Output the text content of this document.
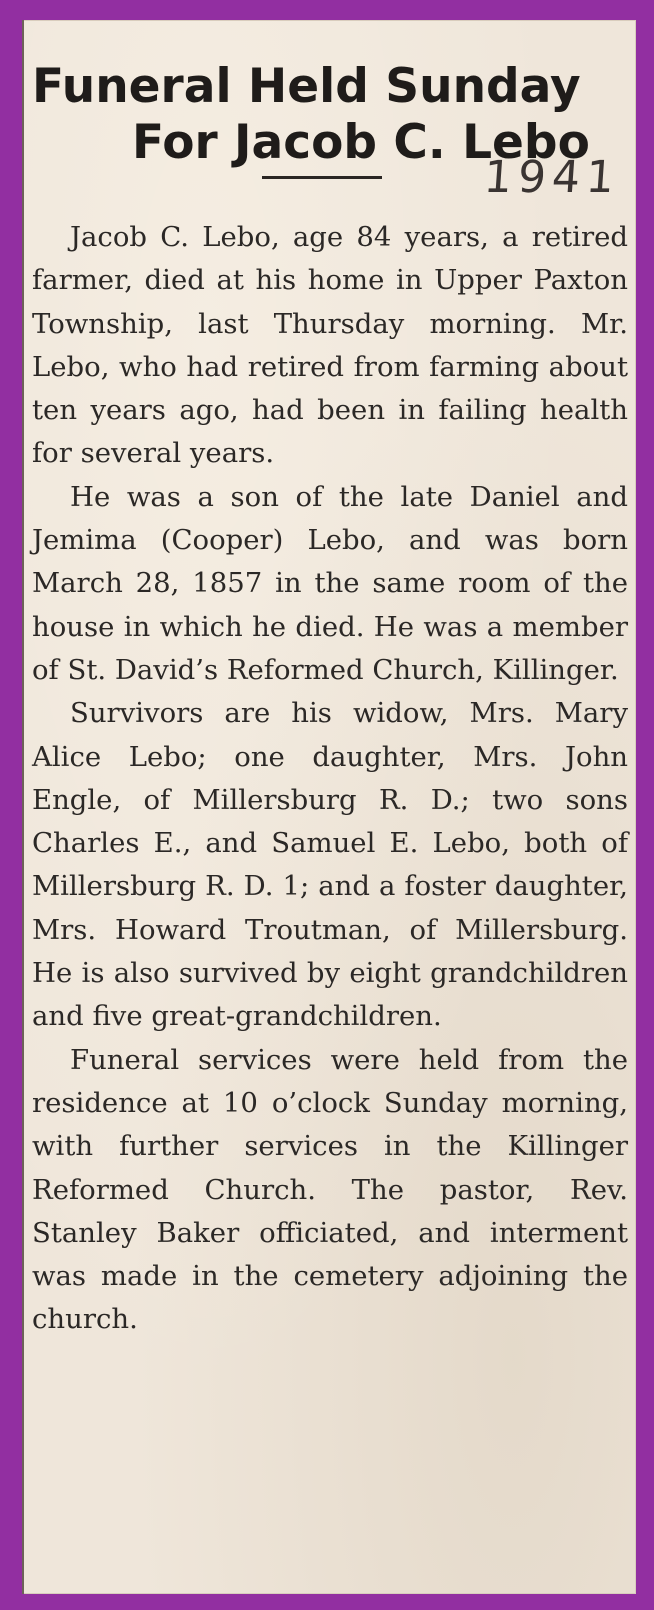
Funeral Held Sunday
For Jacob C. Lebo
1941

Jacob C. Lebo, age 84 years, a retired farmer, died at his home in Upper Paxton Township, last Thursday morning. Mr. Lebo, who had retired from farming about ten years ago, had been in failing health for several years.

He was a son of the late Daniel and Jemima (Cooper) Lebo, and was born March 28, 1857 in the same room of the house in which he died. He was a member of St. David’s Reformed Church, Killinger.

Survivors are his widow, Mrs. Mary Alice Lebo; one daughter, Mrs. John Engle, of Millersburg R. D.; two sons Charles E., and Samuel E. Lebo, both of Millersburg R. D. 1; and a foster daughter, Mrs. Howard Troutman, of Millersburg. He is also survived by eight grandchildren and five great-grandchildren.

Funeral services were held from the residence at 10 o’clock Sunday morning, with further services in the Killinger Reformed Church. The pastor, Rev. Stanley Baker officiated, and interment was made in the cemetery adjoining the church.
